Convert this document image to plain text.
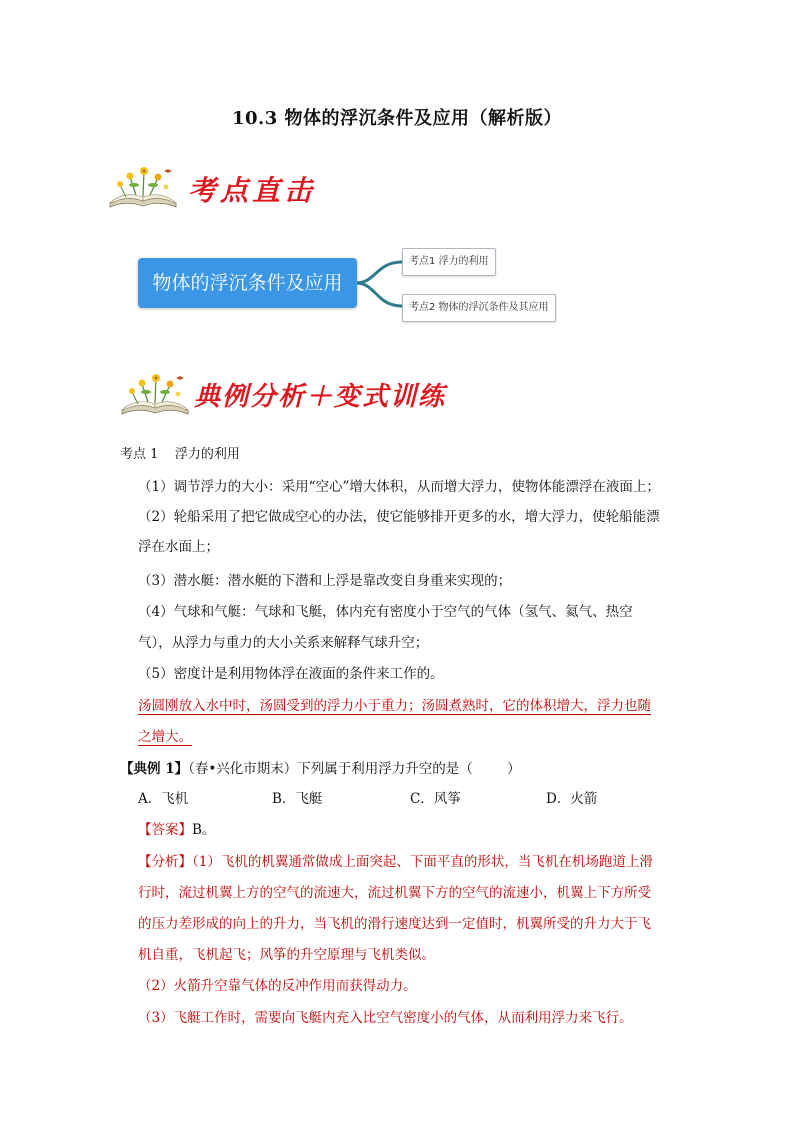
10.3 物体的浮沉条件及应用（解析版）
考点直击
物体的浮沉条件及应用
考点1 浮力的利用
考点2 物体的浮沉条件及其应用
典例分析＋变式训练
考点 1    浮力的利用
（1）调节浮力的大小：采用“空心”增大体积，从而增大浮力，使物体能漂浮在液面上；
（2）轮船采用了把它做成空心的办法，使它能够排开更多的水，增大浮力，使轮船能漂
浮在水面上；
（3）潜水艇：潜水艇的下潜和上浮是靠改变自身重来实现的；
（4）气球和气艇：气球和飞艇，体内充有密度小于空气的气体（氢气、氦气、热空
气），从浮力与重力的大小关系来解释气球升空；
（5）密度计是利用物体浮在液面的条件来工作的。
汤圆刚放入水中时，汤圆受到的浮力小于重力；汤圆煮熟时，它的体积增大，浮力也随
之增大。
【典例 1】（春•兴化市期末）下列属于利用浮力升空的是（        ）
A．飞机	B．飞艇	C．风筝	D．火箭
【答案】B。
【分析】（1）飞机的机翼通常做成上面突起、下面平直的形状，当飞机在机场跑道上滑
行时，流过机翼上方的空气的流速大，流过机翼下方的空气的流速小，机翼上下方所受
的压力差形成的向上的升力，当飞机的滑行速度达到一定值时，机翼所受的升力大于飞
机自重，飞机起飞；风筝的升空原理与飞机类似。
（2）火箭升空靠气体的反冲作用而获得动力。
（3）飞艇工作时，需要向飞艇内充入比空气密度小的气体，从而利用浮力来飞行。
